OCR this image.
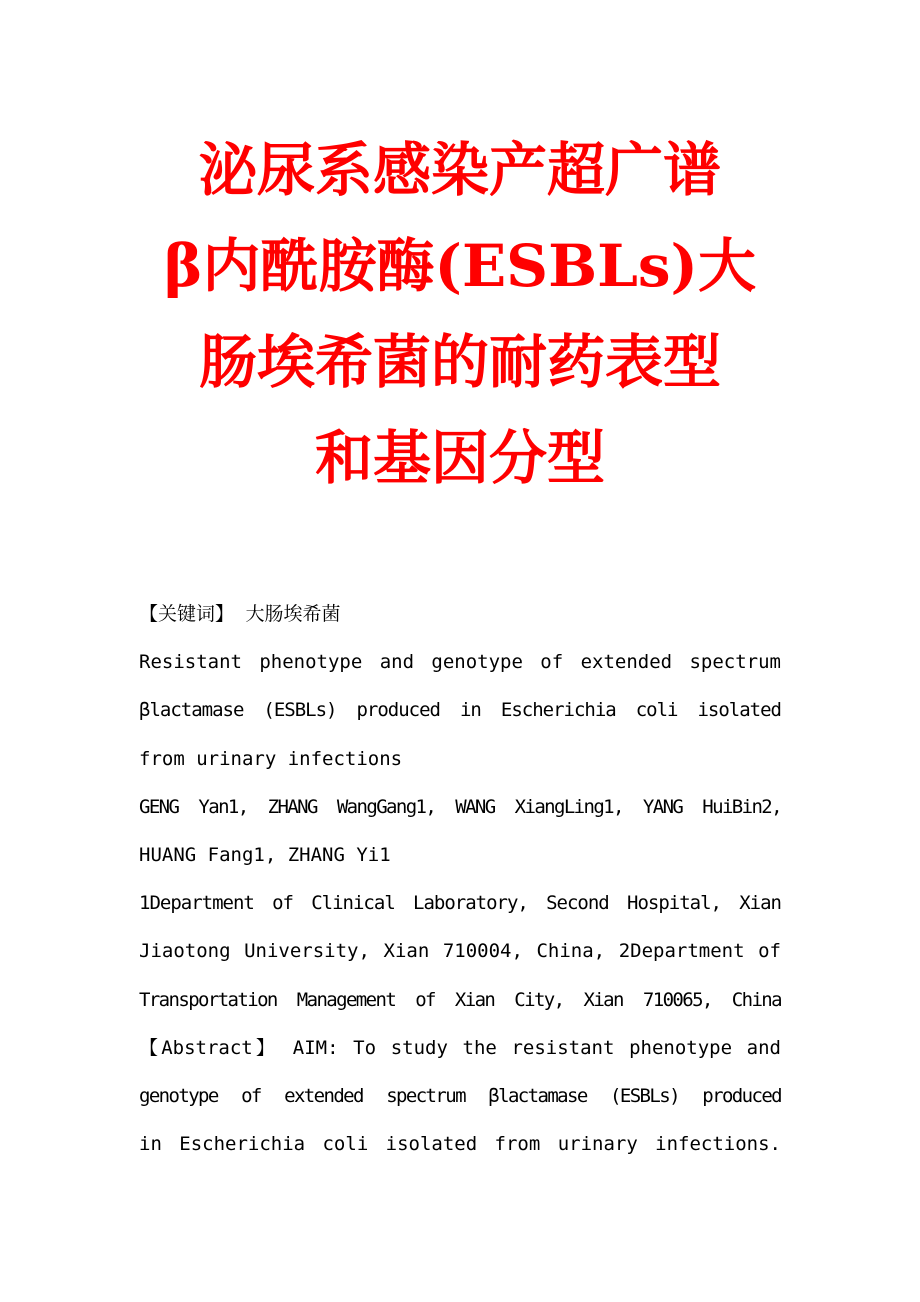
泌尿系感染产超广谱
β内酰胺酶(ESBLs)大
肠埃希菌的耐药表型
和基因分型
【关键词】 大肠埃希菌
Resistant phenotype and genotype of extended spectrum
βlactamase (ESBLs) produced in Escherichia coli isolated
from urinary infections
GENG Yan1, ZHANG WangGang1, WANG XiangLing1, YANG HuiBin2,
HUANG Fang1, ZHANG Yi1
1Department of Clinical Laboratory, Second Hospital, Xian
Jiaotong University, Xian 710004, China, 2Department of
Transportation Management of Xian City, Xian 710065, China
【Abstract】 AIM: To study the resistant phenotype and
genotype of extended spectrum βlactamase (ESBLs) produced
in Escherichia coli isolated from urinary infections.
